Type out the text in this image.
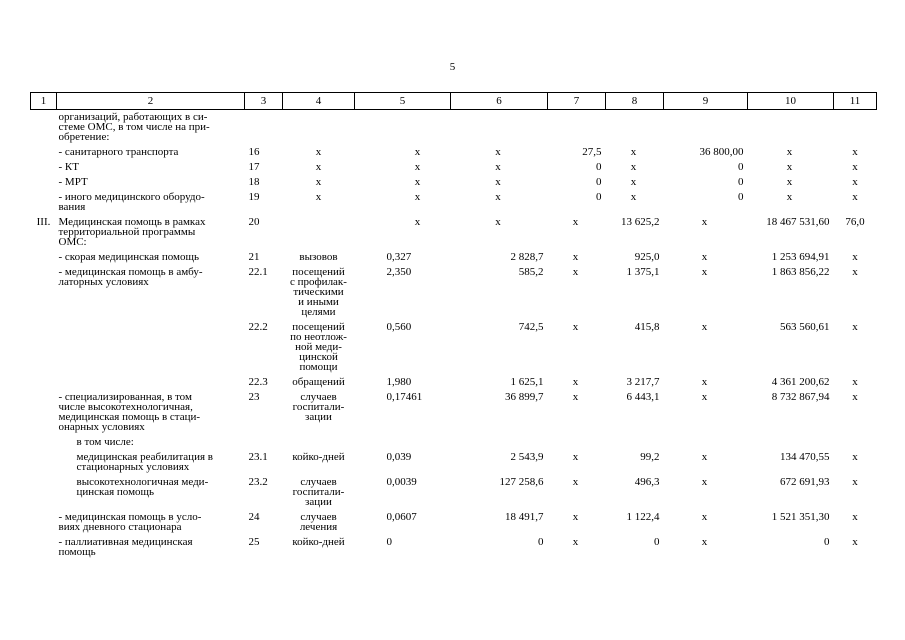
5
1	2	3	4	5	6	7	8	9	10	11

	организаций, работающих в си-
стеме ОМС, в том числе на при-
обретение:									

	- санитарного транспорта	16	х	х	х	27,5	х	36 800,00	х	х

	- КТ	17	х	х	х	0	х	0	х	х

	- МРТ	18	х	х	х	0	х	0	х	х

	- иного медицинского оборудо-
вания	19	х	х	х	0	х	0	х	х

III.	Медицинская помощь в рамках
территориальной программы
ОМС:	20		х	х	х	13 625,2	х	18 467 531,60	76,0

	- скорая медицинская помощь	21	вызовов	0,327	2 828,7	х	925,0	х	1 253 694,91	х

	- медицинская помощь в амбу-
латорных условиях	22.1	посещений
с профилак-
тическими
и иными
целями	2,350	585,2	х	1 375,1	х	1 863 856,22	х

		22.2	посещений
по неотлож-
ной меди-
цинской
помощи	0,560	742,5	х	415,8	х	563 560,61	х

		22.3	обращений	1,980	1 625,1	х	3 217,7	х	4 361 200,62	х

	- специализированная, в том
числе высокотехнологичная,
медицинская помощь в стаци-
онарных условиях	23	случаев
госпитали-
зации	0,17461	36 899,7	х	6 443,1	х	8 732 867,94	х

	в том числе:									

	медицинская реабилитация в
стационарных условиях	23.1	койко-дней	0,039	2 543,9	х	99,2	х	134 470,55	х

	высокотехнологичная меди-
цинская помощь	23.2	случаев
госпитали-
зации	0,0039	127 258,6	х	496,3	х	672 691,93	х

	- медицинская помощь в усло-
виях дневного стационара	24	случаев
лечения	0,0607	18 491,7	х	1 122,4	х	1 521 351,30	х

	- паллиативная медицинская
помощь	25	койко-дней	0	0	х	0	х	0	х
